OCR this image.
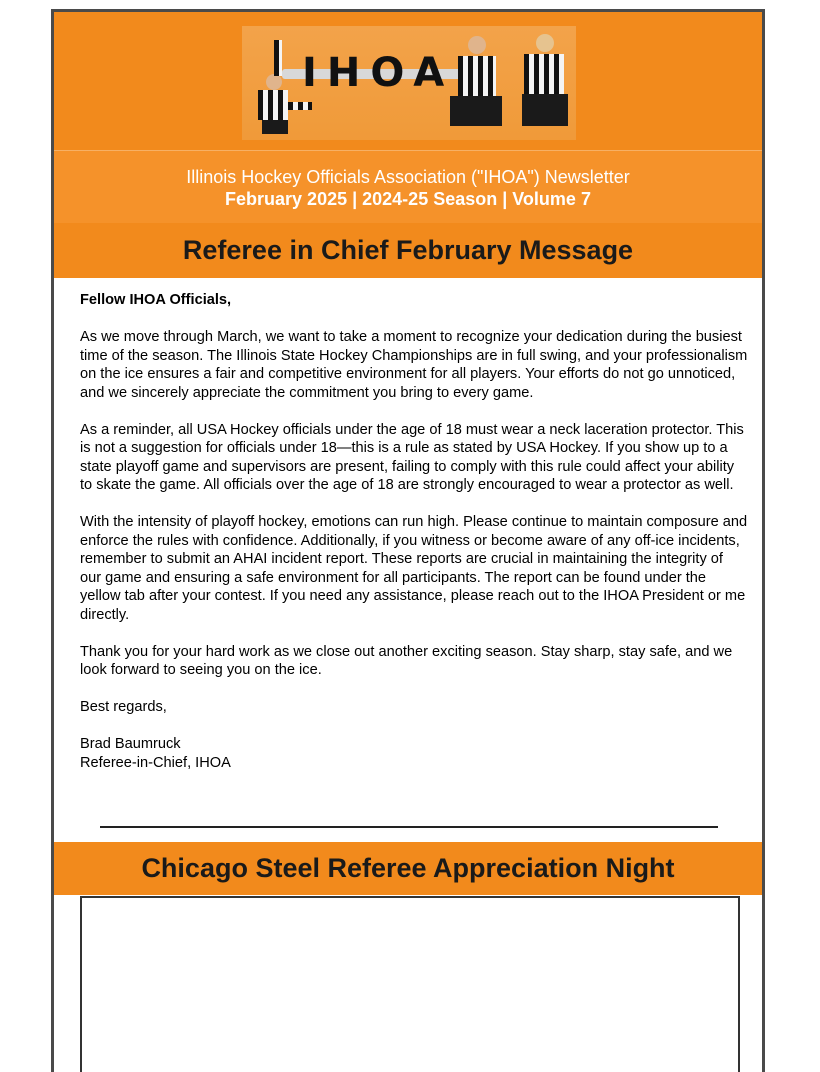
IHOA
Illinois Hockey Officials Association ("IHOA") Newsletter
February 2025 | 2024-25 Season | Volume 7
Referee in Chief February Message

Fellow IHOA Officials,

As we move through March, we want to take a moment to recognize your dedication during the busiest time of the season. The Illinois State Hockey Championships are in full swing, and your professionalism on the ice ensures a fair and competitive environment for all players. Your efforts do not go unnoticed, and we sincerely appreciate the commitment you bring to every game.

As a reminder, all USA Hockey officials under the age of 18 must wear a neck laceration protector. This is not a suggestion for officials under 18—this is a rule as stated by USA Hockey. If you show up to a state playoff game and supervisors are present, failing to comply with this rule could affect your ability to skate the game. All officials over the age of 18 are strongly encouraged to wear a protector as well.

With the intensity of playoff hockey, emotions can run high. Please continue to maintain composure and enforce the rules with confidence. Additionally, if you witness or become aware of any off-ice incidents, remember to submit an AHAI incident report. These reports are crucial in maintaining the integrity of our game and ensuring a safe environment for all participants. The report can be found under the yellow tab after your contest. If you need any assistance, please reach out to the IHOA President or me directly.

Thank you for your hard work as we close out another exciting season. Stay sharp, stay safe, and we look forward to seeing you on the ice.

Best regards,

Brad Baumruck

Referee-in-Chief, IHOA

Chicago Steel Referee Appreciation Night
